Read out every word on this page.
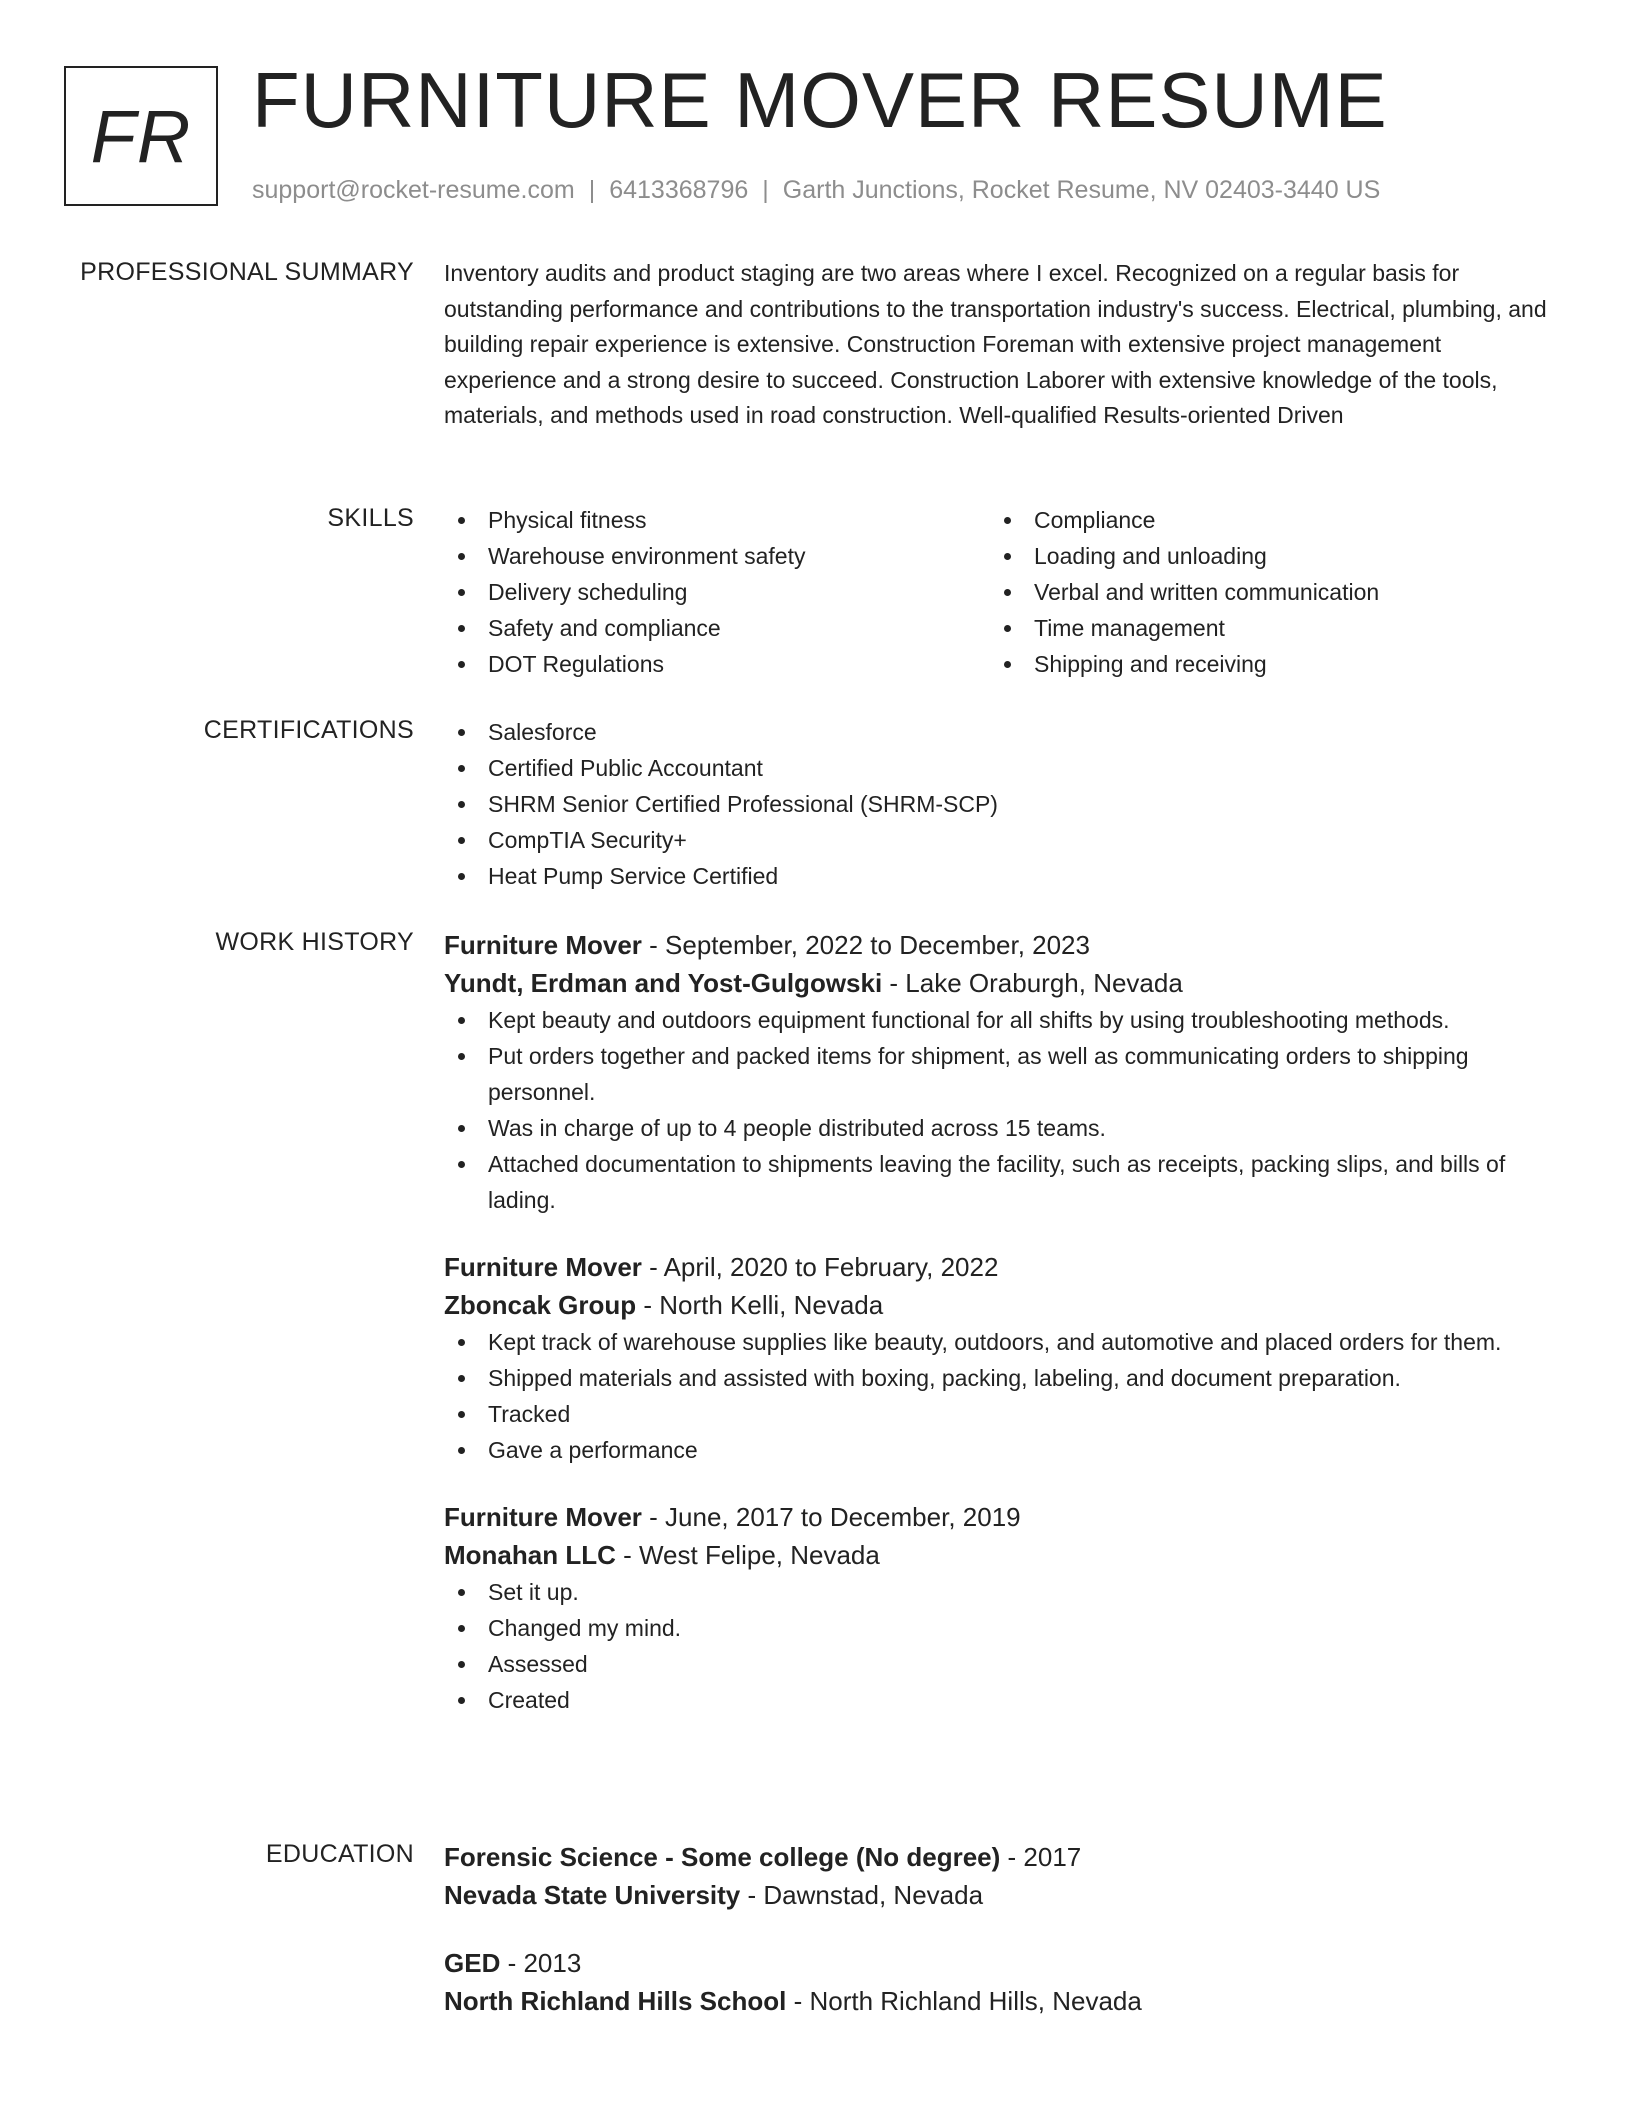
FR FURNITURE MOVER RESUME
support@rocket-resume.com | 6413368796 | Garth Junctions, Rocket Resume, NV 02403-3440 US
PROFESSIONAL SUMMARY Inventory audits and product staging are two areas where I excel. Recognized on a regular basis for outstanding performance and contributions to the transportation industry's success. Electrical, plumbing, and building repair experience is extensive. Construction Foreman with extensive project management experience and a strong desire to succeed. Construction Laborer with extensive knowledge of the tools, materials, and methods used in road construction. Well-qualified Results-oriented Driven
SKILLS	Physical fitness
Warehouse environment safety
Delivery scheduling
Safety and compliance
DOT Regulations
Compliance
Loading and unloading
Verbal and written communication
Time management
Shipping and receiving
CERTIFICATIONS	Salesforce
Certified Public Accountant
SHRM Senior Certified Professional (SHRM-SCP)
CompTIA Security+
Heat Pump Service Certified
WORK HISTORY Furniture Mover - September, 2022 to December, 2023
Yundt, Erdman and Yost-Gulgowski - Lake Oraburgh, Nevada
Kept beauty and outdoors equipment functional for all shifts by using troubleshooting methods.
Put orders together and packed items for shipment, as well as communicating orders to shipping personnel.
Was in charge of up to 4 people distributed across 15 teams.
Attached documentation to shipments leaving the facility, such as receipts, packing slips, and bills of lading.
Furniture Mover - April, 2020 to February, 2022
Zboncak Group - North Kelli, Nevada
Kept track of warehouse supplies like beauty, outdoors, and automotive and placed orders for them.
Shipped materials and assisted with boxing, packing, labeling, and document preparation.
Tracked
Gave a performance
Furniture Mover - June, 2017 to December, 2019
Monahan LLC - West Felipe, Nevada
Set it up.
Changed my mind.
Assessed
Created
EDUCATION Forensic Science - Some college (No degree) - 2017
Nevada State University - Dawnstad, Nevada
GED - 2013
North Richland Hills School - North Richland Hills, Nevada
